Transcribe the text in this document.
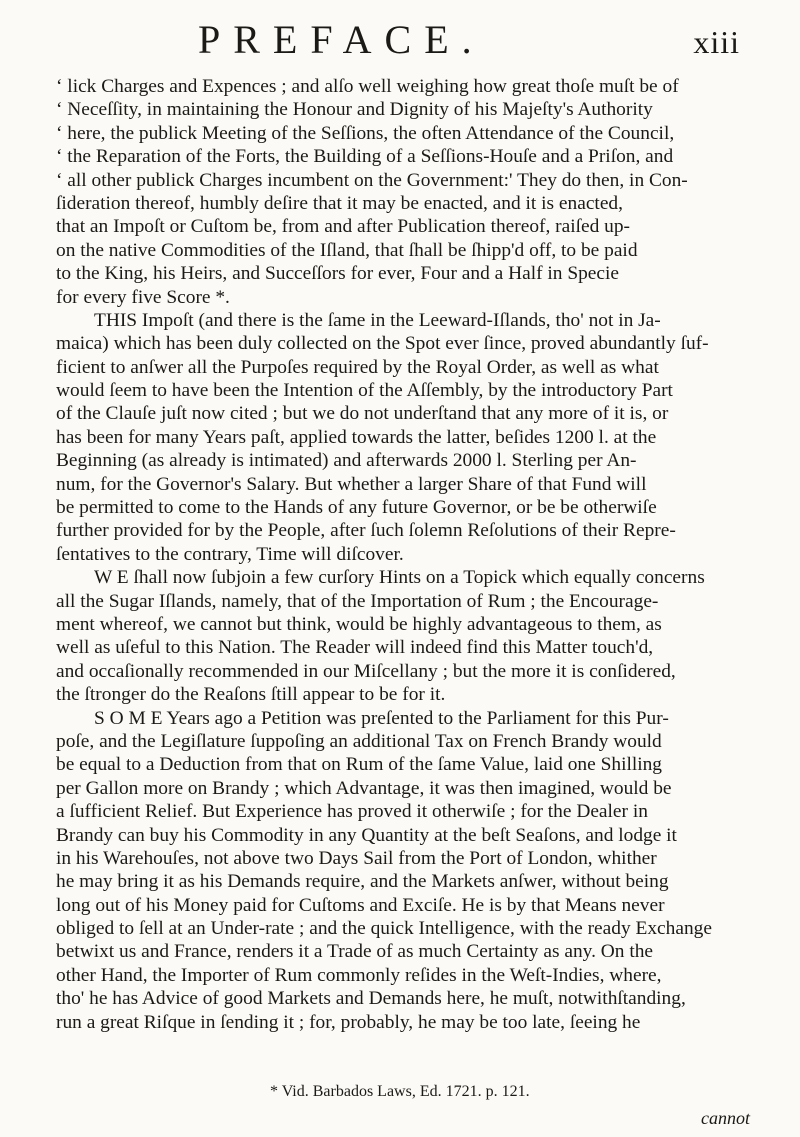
PREFACE.	xiii
‘ lick Charges and Expences ; and alſo well weighing how great thoſe muſt be of
‘ Neceſſity, in maintaining the Honour and Dignity of his Majeſty's Authority
‘ here, the publick Meeting of the Seſſions, the often Attendance of the Council,
‘ the Reparation of the Forts, the Building of a Seſſions-Houſe and a Priſon, and
‘ all other publick Charges incumbent on the Government:' They do then, in Con-
ſideration thereof, humbly deſire that it may be enacted, and it is enacted,
that an Impoſt or Cuſtom be, from and after Publication thereof, raiſed up-
on the native Commodities of the Iſland, that ſhall be ſhipp'd off, to be paid
to the King, his Heirs, and Succeſſors for ever, Four and a Half in Specie
for every five Score *.
THIS Impoſt (and there is the ſame in the Leeward-Iſlands, tho' not in Ja-
maica) which has been duly collected on the Spot ever ſince, proved abundantly ſuf-
ficient to anſwer all the Purpoſes required by the Royal Order, as well as what
would ſeem to have been the Intention of the Aſſembly, by the introductory Part
of the Clauſe juſt now cited ; but we do not underſtand that any more of it is, or
has been for many Years paſt, applied towards the latter, beſides 1200 l. at the
Beginning (as already is intimated) and afterwards 2000 l. Sterling per An-
num, for the Governor's Salary. But whether a larger Share of that Fund will
be permitted to come to the Hands of any future Governor, or be be otherwiſe
further provided for by the People, after ſuch ſolemn Reſolutions of their Repre-
ſentatives to the contrary, Time will diſcover.
W E ſhall now ſubjoin a few curſory Hints on a Topick which equally concerns
all the Sugar Iſlands, namely, that of the Importation of Rum ; the Encourage-
ment whereof, we cannot but think, would be highly advantageous to them, as
well as uſeful to this Nation. The Reader will indeed find this Matter touch'd,
and occaſionally recommended in our Miſcellany ; but the more it is conſidered,
the ſtronger do the Reaſons ſtill appear to be for it.
S O M E Years ago a Petition was preſented to the Parliament for this Pur-
poſe, and the Legiſlature ſuppoſing an additional Tax on French Brandy would
be equal to a Deduction from that on Rum of the ſame Value, laid one Shilling
per Gallon more on Brandy ; which Advantage, it was then imagined, would be
a ſufficient Relief. But Experience has proved it otherwiſe ; for the Dealer in
Brandy can buy his Commodity in any Quantity at the beſt Seaſons, and lodge it
in his Warehouſes, not above two Days Sail from the Port of London, whither
he may bring it as his Demands require, and the Markets anſwer, without being
long out of his Money paid for Cuſtoms and Exciſe. He is by that Means never
obliged to ſell at an Under-rate ; and the quick Intelligence, with the ready Exchange
betwixt us and France, renders it a Trade of as much Certainty as any. On the
other Hand, the Importer of Rum commonly reſides in the Weſt-Indies, where,
tho' he has Advice of good Markets and Demands here, he muſt, notwithſtanding,
run a great Riſque in ſending it ; for, probably, he may be too late, ſeeing he
* Vid. Barbados Laws, Ed. 1721. p. 121.
cannot
